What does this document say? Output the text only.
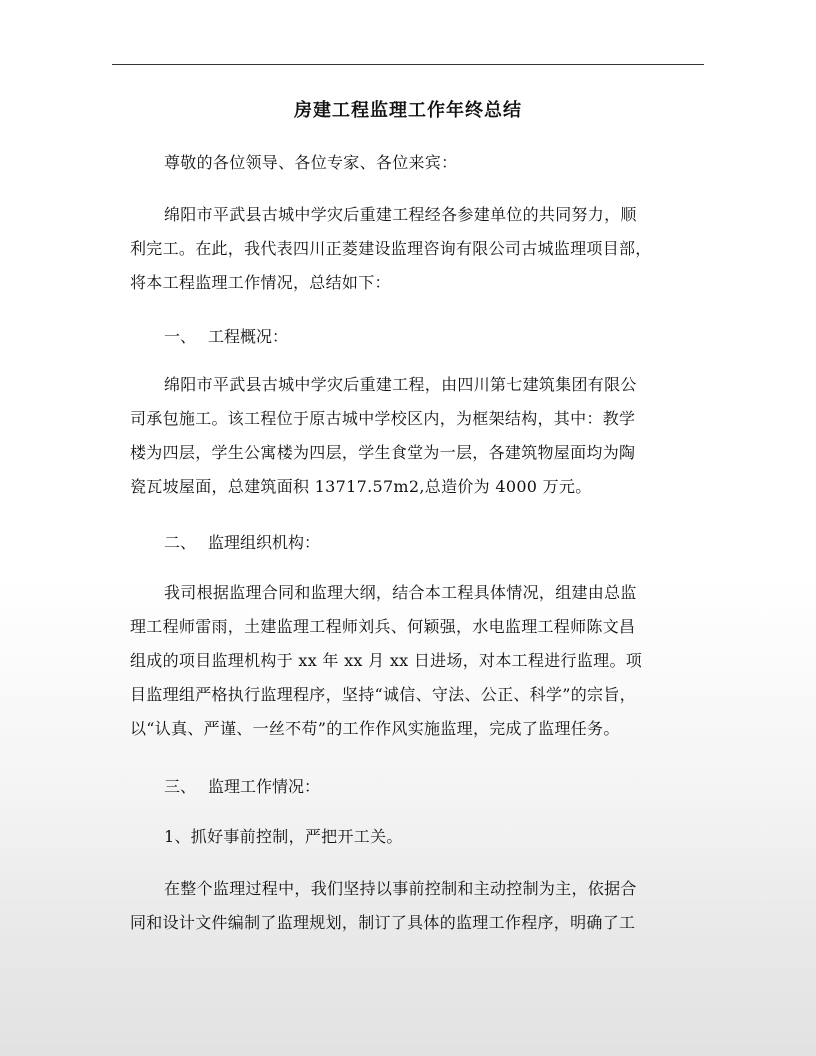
房建工程监理工作年终总结
尊敬的各位领导、各位专家、各位来宾：
绵阳市平武县古城中学灾后重建工程经各参建单位的共同努力，顺
利完工。在此，我代表四川正菱建设监理咨询有限公司古城监理项目部，
将本工程监理工作情况，总结如下：
一、 工程概况：
绵阳市平武县古城中学灾后重建工程，由四川第七建筑集团有限公
司承包施工。该工程位于原古城中学校区内，为框架结构，其中：教学
楼为四层，学生公寓楼为四层，学生食堂为一层，各建筑物屋面均为陶
瓷瓦坡屋面，总建筑面积 13717.57m2,总造价为 4000 万元。
二、 监理组织机构：
我司根据监理合同和监理大纲，结合本工程具体情况，组建由总监
理工程师雷雨，土建监理工程师刘兵、何颖强，水电监理工程师陈文昌
组成的项目监理机构于 xx 年 xx 月 xx 日进场，对本工程进行监理。项
目监理组严格执行监理程序，坚持“诚信、守法、公正、科学”的宗旨，
以“认真、严谨、一丝不苟”的工作作风实施监理，完成了监理任务。
三、 监理工作情况：
1、抓好事前控制，严把开工关。
在整个监理过程中，我们坚持以事前控制和主动控制为主，依据合
同和设计文件编制了监理规划，制订了具体的监理工作程序，明确了工
